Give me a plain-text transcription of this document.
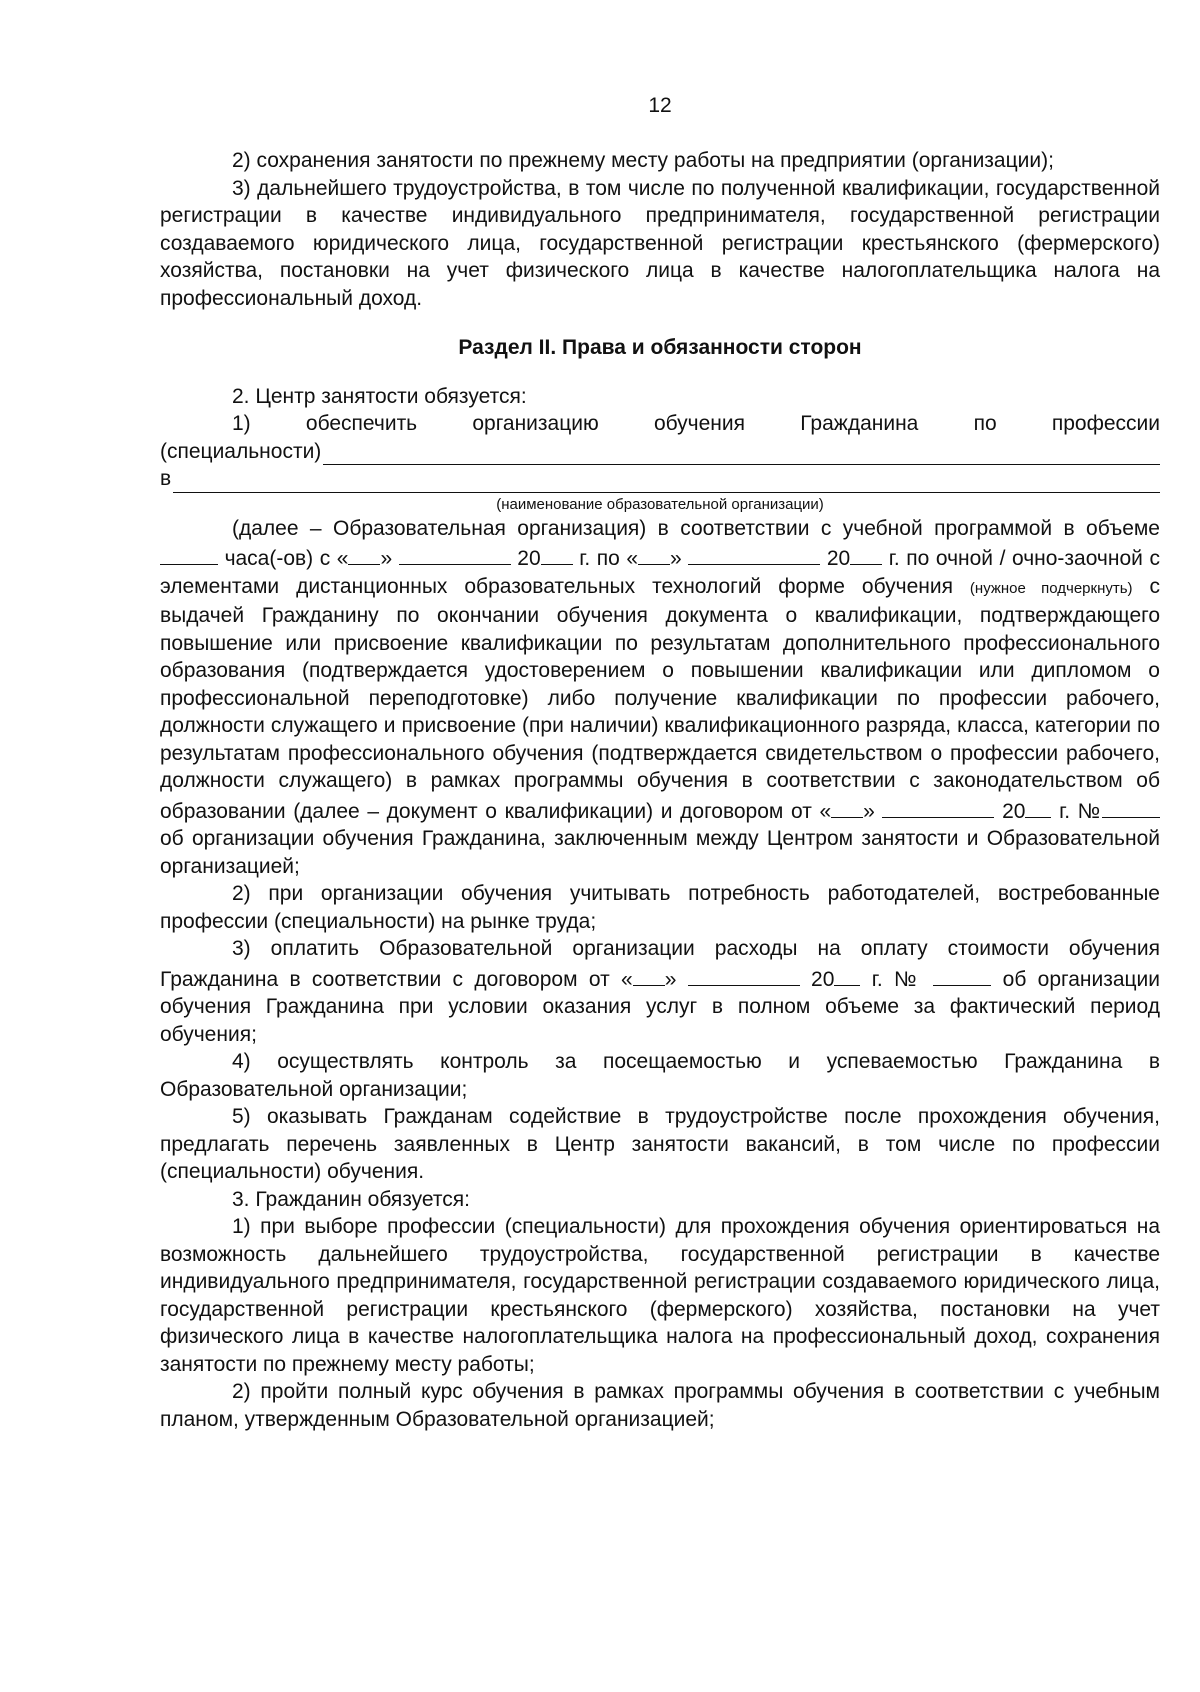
12

2) сохранения занятости по прежнему месту работы на предприятии (организации);

3) дальнейшего трудоустройства, в том числе по полученной квалификации, государственной регистрации в качестве индивидуального предпринимателя, государственной регистрации создаваемого юридического лица, государственной регистрации крестьянского (фермерского) хозяйства, постановки на учет физического лица в качестве налогоплательщика налога на профессиональный доход.

Раздел II. Права и обязанности сторон

2. Центр занятости обязуется:

1) обеспечить организацию обучения Гражданина по профессии

(специальности)
в
(наименование образовательной организации)

(далее – Образовательная организация) в соответствии с учебной программой в объеме  часа(-ов) с « »	20 г. по « »	20 г. по очной / очно-заочной с элементами дистанционных образовательных технологий форме обучения (нужное подчеркнуть) с выдачей Гражданину по окончании обучения документа о квалификации, подтверждающего повышение или присвоение квалификации по результатам дополнительного профессионального образования (подтверждается удостоверением о повышении квалификации или дипломом о профессиональной переподготовке) либо получение квалификации по профессии рабочего, должности служащего и присвоение (при наличии) квалификационного разряда, класса, категории по результатам профессионального обучения (подтверждается свидетельством о профессии рабочего, должности служащего) в рамках программы обучения в соответствии с законодательством об образовании (далее – документ о квалификации) и договором от « »	20 г. № об организации обучения Гражданина, заключенным между Центром занятости и Образовательной организацией;

2) при организации обучения учитывать потребность работодателей, востребованные профессии (специальности) на рынке труда;

3) оплатить Образовательной организации расходы на оплату стоимости обучения Гражданина в соответствии с договором от « »	20 г. №	об организации обучения Гражданина при условии оказания услуг в полном объеме за фактический период обучения;

4) осуществлять контроль за посещаемостью и успеваемостью Гражданина в Образовательной организации;

5) оказывать Гражданам содействие в трудоустройстве после прохождения обучения, предлагать перечень заявленных в Центр занятости вакансий, в том числе по профессии (специальности) обучения.

3. Гражданин обязуется:

1) при выборе профессии (специальности) для прохождения обучения ориентироваться на возможность дальнейшего трудоустройства, государственной регистрации в качестве индивидуального предпринимателя, государственной регистрации создаваемого юридического лица, государственной регистрации крестьянского (фермерского) хозяйства, постановки на учет физического лица в качестве налогоплательщика налога на профессиональный доход, сохранения занятости по прежнему месту работы;

2) пройти полный курс обучения в рамках программы обучения в соответствии с учебным планом, утвержденным Образовательной организацией;
